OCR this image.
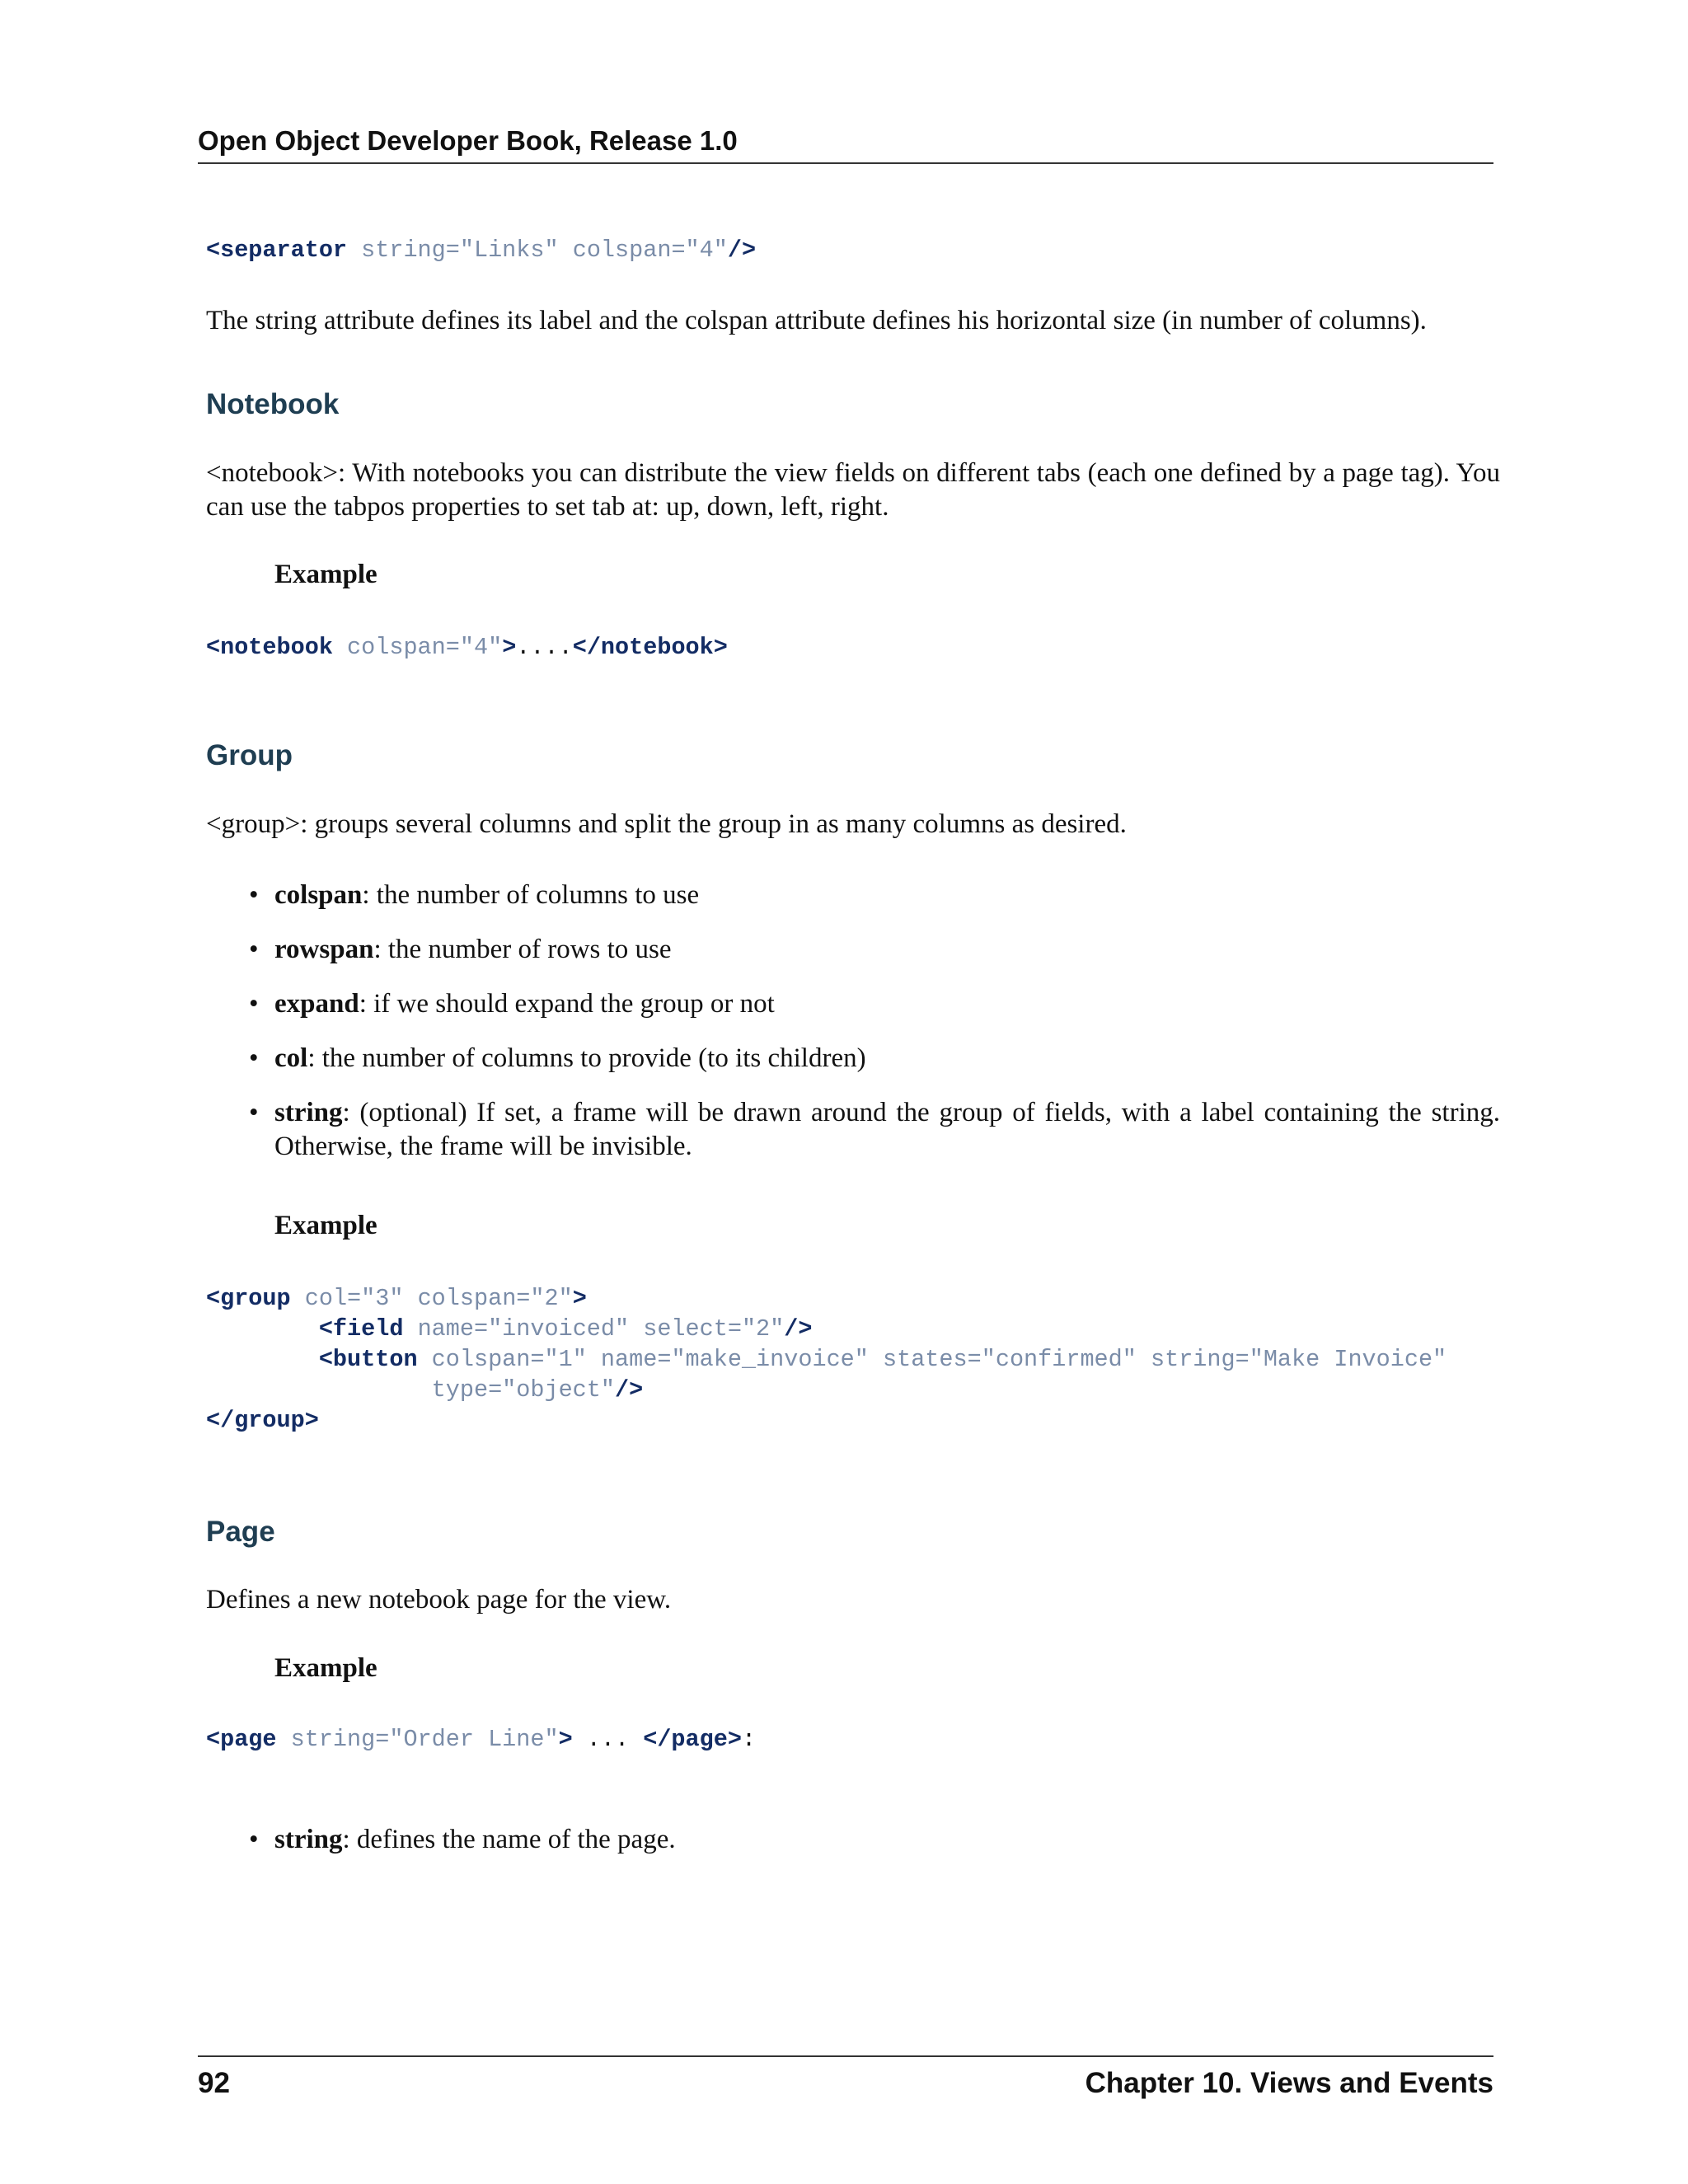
Open Object Developer Book, Release 1.0
<separator string="Links" colspan="4"/>

The string attribute defines its label and the colspan attribute defines his horizontal size (in number of columns).

Notebook

<notebook>: With notebooks you can distribute the view fields on different tabs (each one defined by a page tag). You can use the tabpos properties to set tab at: up, down, left, right.

Example
<notebook colspan="4">....</notebook>
Group

<group>: groups several columns and split the group in as many columns as desired.

• colspan: the number of columns to use
• rowspan: the number of rows to use
• expand: if we should expand the group or not
• col: the number of columns to provide (to its children)
• string: (optional) If set, a frame will be drawn around the group of fields, with a label containing the string. Otherwise, the frame will be invisible.
Example
<group col="3" colspan="2">
<field name="invoiced" select="2"/>
<button colspan="1" name="make_invoice" states="confirmed" string="Make Invoice"
type="object"/>
</group>
Page

Defines a new notebook page for the view.

Example
<page string="Order Line"> ... </page>:
• string: defines the name of the page.
92	Chapter 10. Views and Events
